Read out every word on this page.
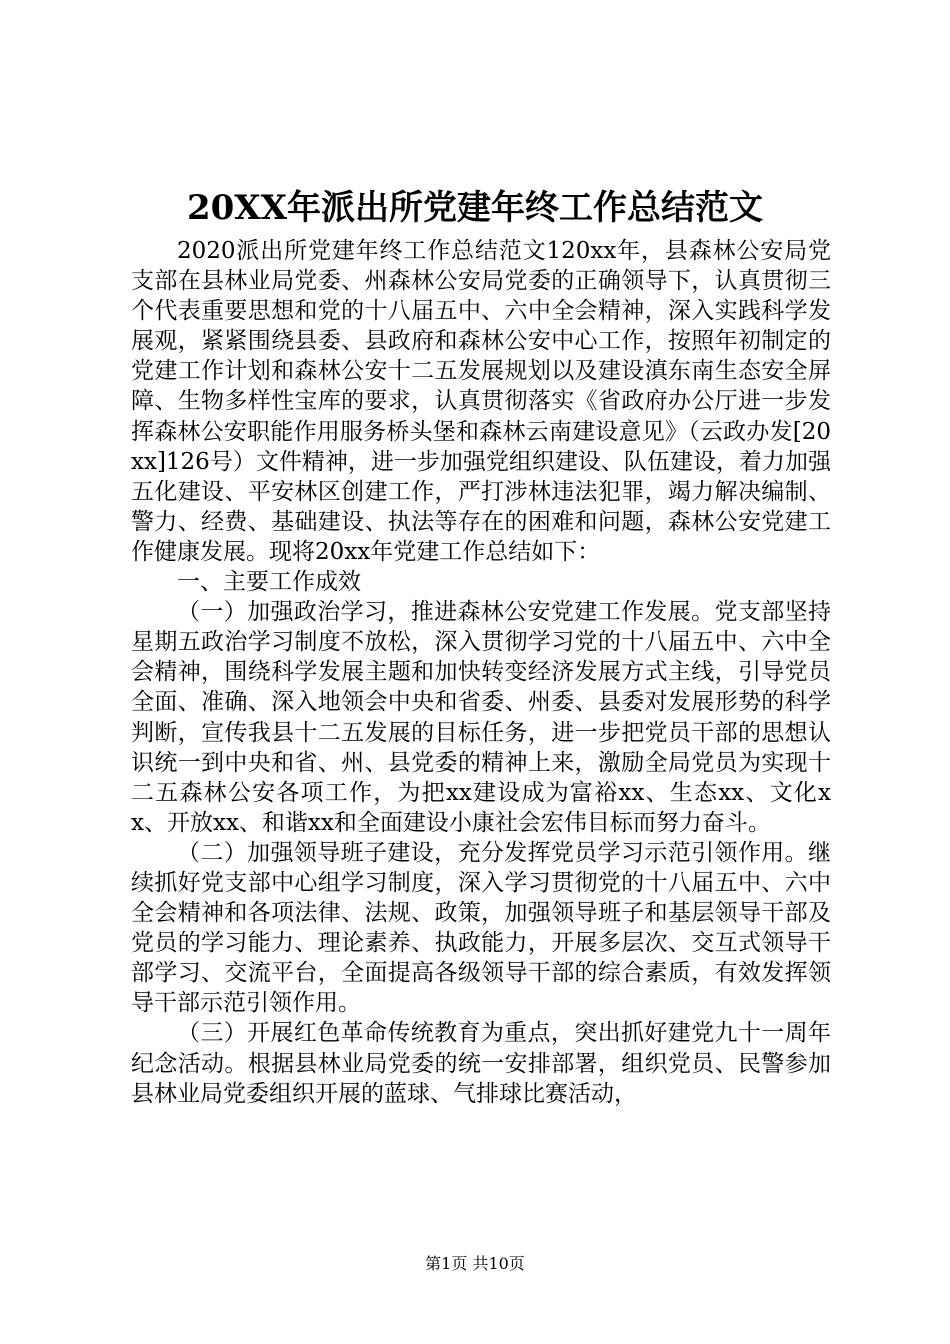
20XX年派出所党建年终工作总结范文

2020派出所党建年终工作总结范文120xx年，县森林公安局党支部在县林业局党委、州森林公安局党委的正确领导下，认真贯彻三个代表重要思想和党的十八届五中、六中全会精神，深入实践科学发展观，紧紧围绕县委、县政府和森林公安中心工作，按照年初制定的党建工作计划和森林公安十二五发展规划以及建设滇东南生态安全屏障、生物多样性宝库的要求，认真贯彻落实《省政府办公厅进一步发挥森林公安职能作用服务桥头堡和森林云南建设意见》（云政办发[20xx]126号）文件精神，进一步加强党组织建设、队伍建设，着力加强五化建设、平安林区创建工作，严打涉林违法犯罪，竭力解决编制、警力、经费、基础建设、执法等存在的困难和问题，森林公安党建工作健康发展。现将20xx年党建工作总结如下：

一、主要工作成效

（一）加强政治学习，推进森林公安党建工作发展。党支部坚持星期五政治学习制度不放松，深入贯彻学习党的十八届五中、六中全会精神，围绕科学发展主题和加快转变经济发展方式主线，引导党员全面、准确、深入地领会中央和省委、州委、县委对发展形势的科学判断，宣传我县十二五发展的目标任务，进一步把党员干部的思想认识统一到中央和省、州、县党委的精神上来，激励全局党员为实现十二五森林公安各项工作，为把xx建设成为富裕xx、生态xx、文化xx、开放xx、和谐xx和全面建设小康社会宏伟目标而努力奋斗。

（二）加强领导班子建设，充分发挥党员学习示范引领作用。继续抓好党支部中心组学习制度，深入学习贯彻党的十八届五中、六中全会精神和各项法律、法规、政策，加强领导班子和基层领导干部及党员的学习能力、理论素养、执政能力，开展多层次、交互式领导干部学习、交流平台，全面提高各级领导干部的综合素质，有效发挥领导干部示范引领作用。

（三）开展红色革命传统教育为重点，突出抓好建党九十一周年纪念活动。根据县林业局党委的统一安排部署，组织党员、民警参加县林业局党委组织开展的蓝球、气排球比赛活动，

第1页 共10页
